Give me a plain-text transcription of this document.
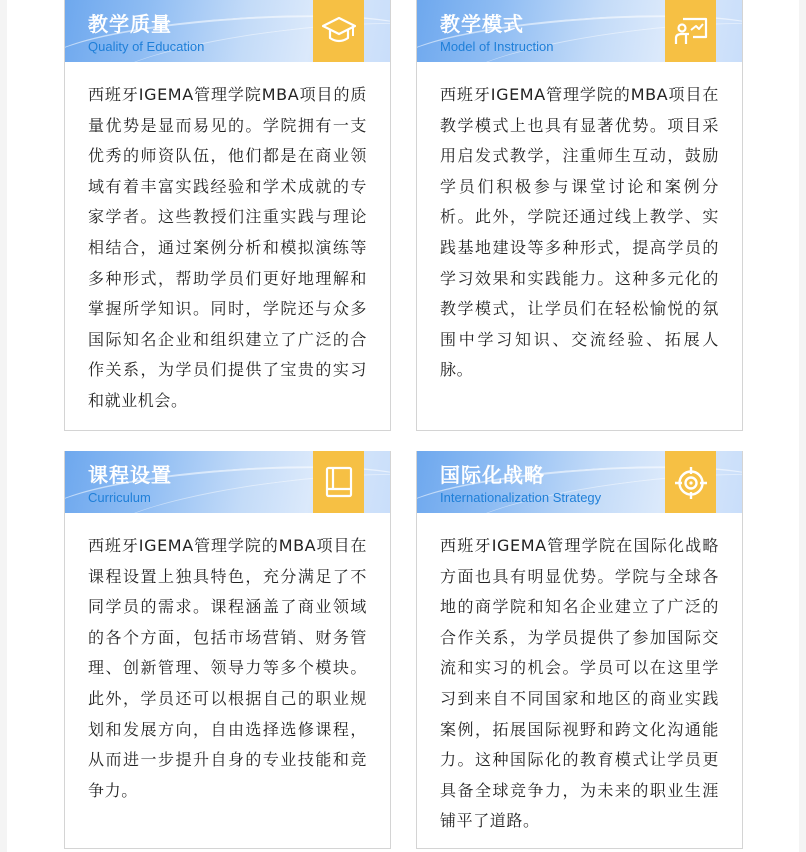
教学质量
Quality of Education
西班牙IGEMA管理学院MBA项目的质量优势是显而易见的。学院拥有一支优秀的师资队伍，他们都是在商业领域有着丰富实践经验和学术成就的专家学者。这些教授们注重实践与理论相结合，通过案例分析和模拟演练等多种形式，帮助学员们更好地理解和掌握所学知识。同时，学院还与众多国际知名企业和组织建立了广泛的合作关系，为学员们提供了宝贵的实习和就业机会。
教学模式
Model of Instruction
西班牙IGEMA管理学院的MBA项目在教学模式上也具有显著优势。项目采用启发式教学，注重师生互动，鼓励学员们积极参与课堂讨论和案例分析。此外，学院还通过线上教学、实践基地建设等多种形式，提高学员的学习效果和实践能力。这种多元化的教学模式，让学员们在轻松愉悦的氛围中学习知识、交流经验、拓展人脉。
课程设置
Curriculum
西班牙IGEMA管理学院的MBA项目在课程设置上独具特色，充分满足了不同学员的需求。课程涵盖了商业领域的各个方面，包括市场营销、财务管理、创新管理、领导力等多个模块。此外，学员还可以根据自己的职业规划和发展方向，自由选择选修课程，从而进一步提升自身的专业技能和竞争力。
国际化战略
Internationalization Strategy
西班牙IGEMA管理学院在国际化战略方面也具有明显优势。学院与全球各地的商学院和知名企业建立了广泛的合作关系，为学员提供了参加国际交流和实习的机会。学员可以在这里学习到来自不同国家和地区的商业实践案例，拓展国际视野和跨文化沟通能力。这种国际化的教育模式让学员更具备全球竞争力，为未来的职业生涯铺平了道路。
